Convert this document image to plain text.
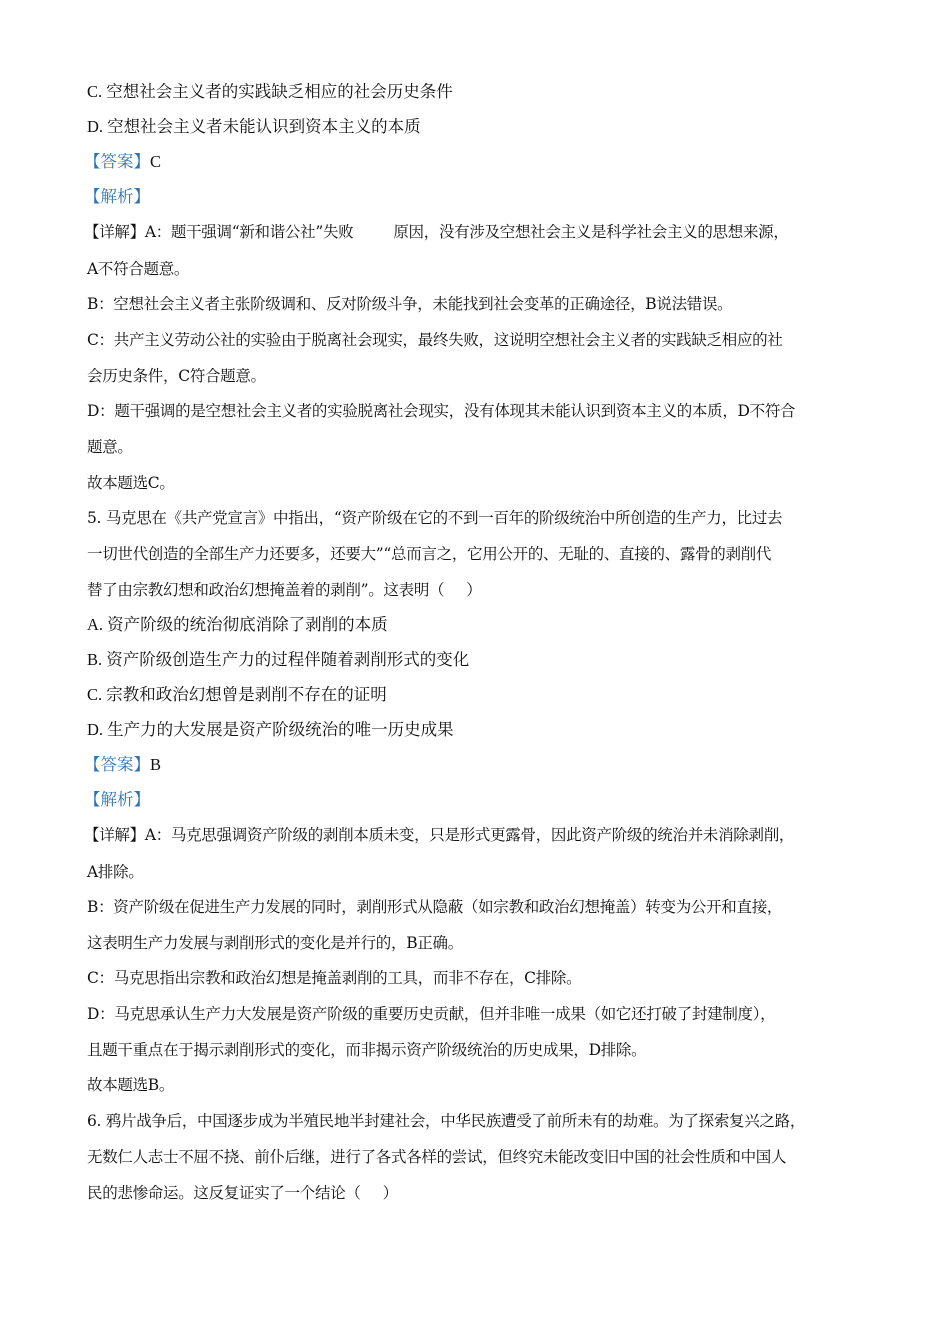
C. 空想社会主义者的实践缺乏相应的社会历史条件
D. 空想社会主义者未能认识到资本主义的本质
【答案】C
【解析】
【详解】A：题干强调“新和谐公社”失败	原因，没有涉及空想社会主义是科学社会主义的思想来源，
A不符合题意。
B：空想社会主义者主张阶级调和、反对阶级斗争，未能找到社会变革的正确途径，B说法错误。
C：共产主义劳动公社的实验由于脱离社会现实，最终失败，这说明空想社会主义者的实践缺乏相应的社
会历史条件，C符合题意。
D：题干强调的是空想社会主义者的实验脱离社会现实，没有体现其未能认识到资本主义的本质，D不符合
题意。
故本题选C。
5. 马克思在《共产党宣言》中指出，“资产阶级在它的不到一百年的阶级统治中所创造的生产力，比过去
一切世代创造的全部生产力还要多，还要大”“总而言之，它用公开的、无耻的、直接的、露骨的剥削代
替了由宗教幻想和政治幻想掩盖着的剥削”。这表明（ ）
A. 资产阶级的统治彻底消除了剥削的本质
B. 资产阶级创造生产力的过程伴随着剥削形式的变化
C. 宗教和政治幻想曾是剥削不存在的证明
D. 生产力的大发展是资产阶级统治的唯一历史成果
【答案】B
【解析】
【详解】A：马克思强调资产阶级的剥削本质未变，只是形式更露骨，因此资产阶级的统治并未消除剥削，
A排除。
B：资产阶级在促进生产力发展的同时，剥削形式从隐蔽（如宗教和政治幻想掩盖）转变为公开和直接，
这表明生产力发展与剥削形式的变化是并行的，B正确。
C：马克思指出宗教和政治幻想是掩盖剥削的工具，而非不存在，C排除。
D：马克思承认生产力大发展是资产阶级的重要历史贡献，但并非唯一成果（如它还打破了封建制度），
且题干重点在于揭示剥削形式的变化，而非揭示资产阶级统治的历史成果，D排除。
故本题选B。
6. 鸦片战争后，中国逐步成为半殖民地半封建社会，中华民族遭受了前所未有的劫难。为了探索复兴之路，
无数仁人志士不屈不挠、前仆后继，进行了各式各样的尝试，但终究未能改变旧中国的社会性质和中国人
民的悲惨命运。这反复证实了一个结论（ ）
